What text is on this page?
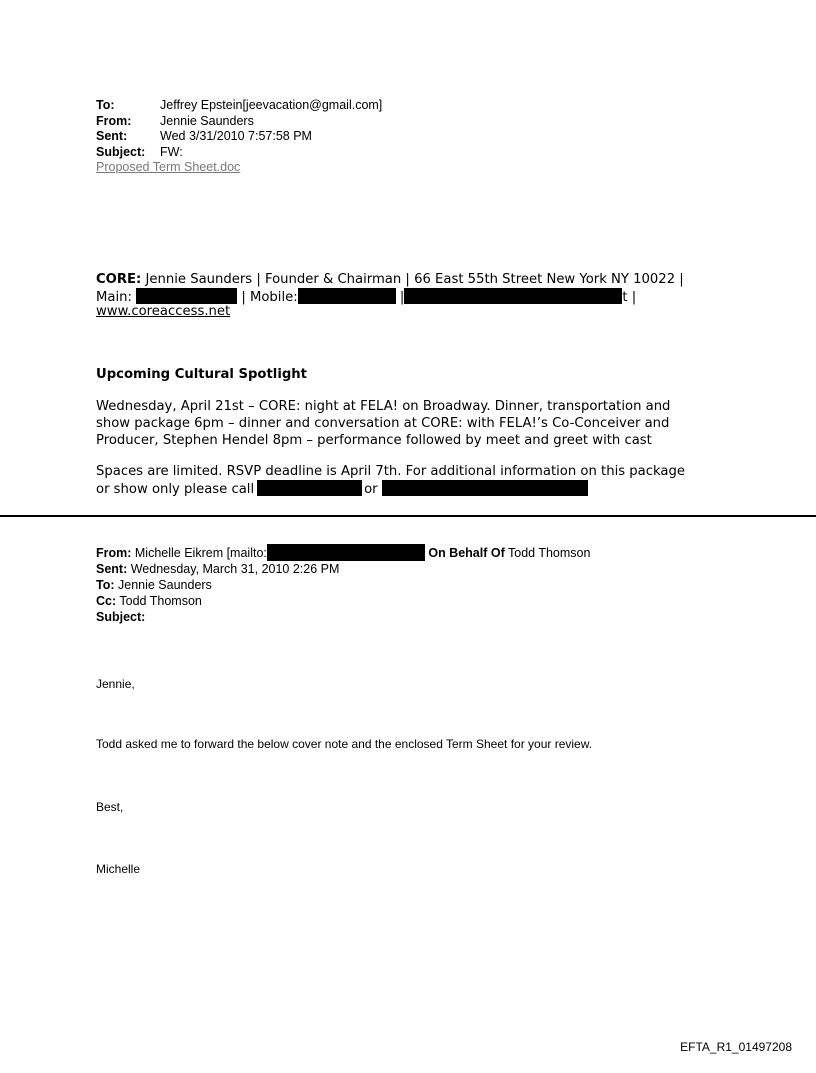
To:	Jeffrey Epstein[jeevacation@gmail.com]
From: Jennie Saunders
Sent:	Wed 3/31/2010 7:57:58 PM
Subject: FW:
Proposed Term Sheet.doc
CORE: Jennie Saunders | Founder & Chairman | 66 East 55th Street New York NY 10022 |
Main:	| Mobile:	|	t |
www.coreaccess.net
Upcoming Cultural Spotlight
Wednesday, April 21st – CORE: night at FELA! on Broadway. Dinner, transportation and
show package 6pm – dinner and conversation at CORE: with FELA!’s Co-Conceiver and
Producer, Stephen Hendel 8pm – performance followed by meet and greet with cast
Spaces are limited. RSVP deadline is April 7th. For additional information on this package
or show only please call	or
From: Michelle Eikrem [mailto:	On Behalf Of Todd Thomson
Sent: Wednesday, March 31, 2010 2:26 PM
To: Jennie Saunders
Cc: Todd Thomson
Subject:
Jennie,
Todd asked me to forward the below cover note and the enclosed Term Sheet for your review.
Best,
Michelle
EFTA_R1_01497208
